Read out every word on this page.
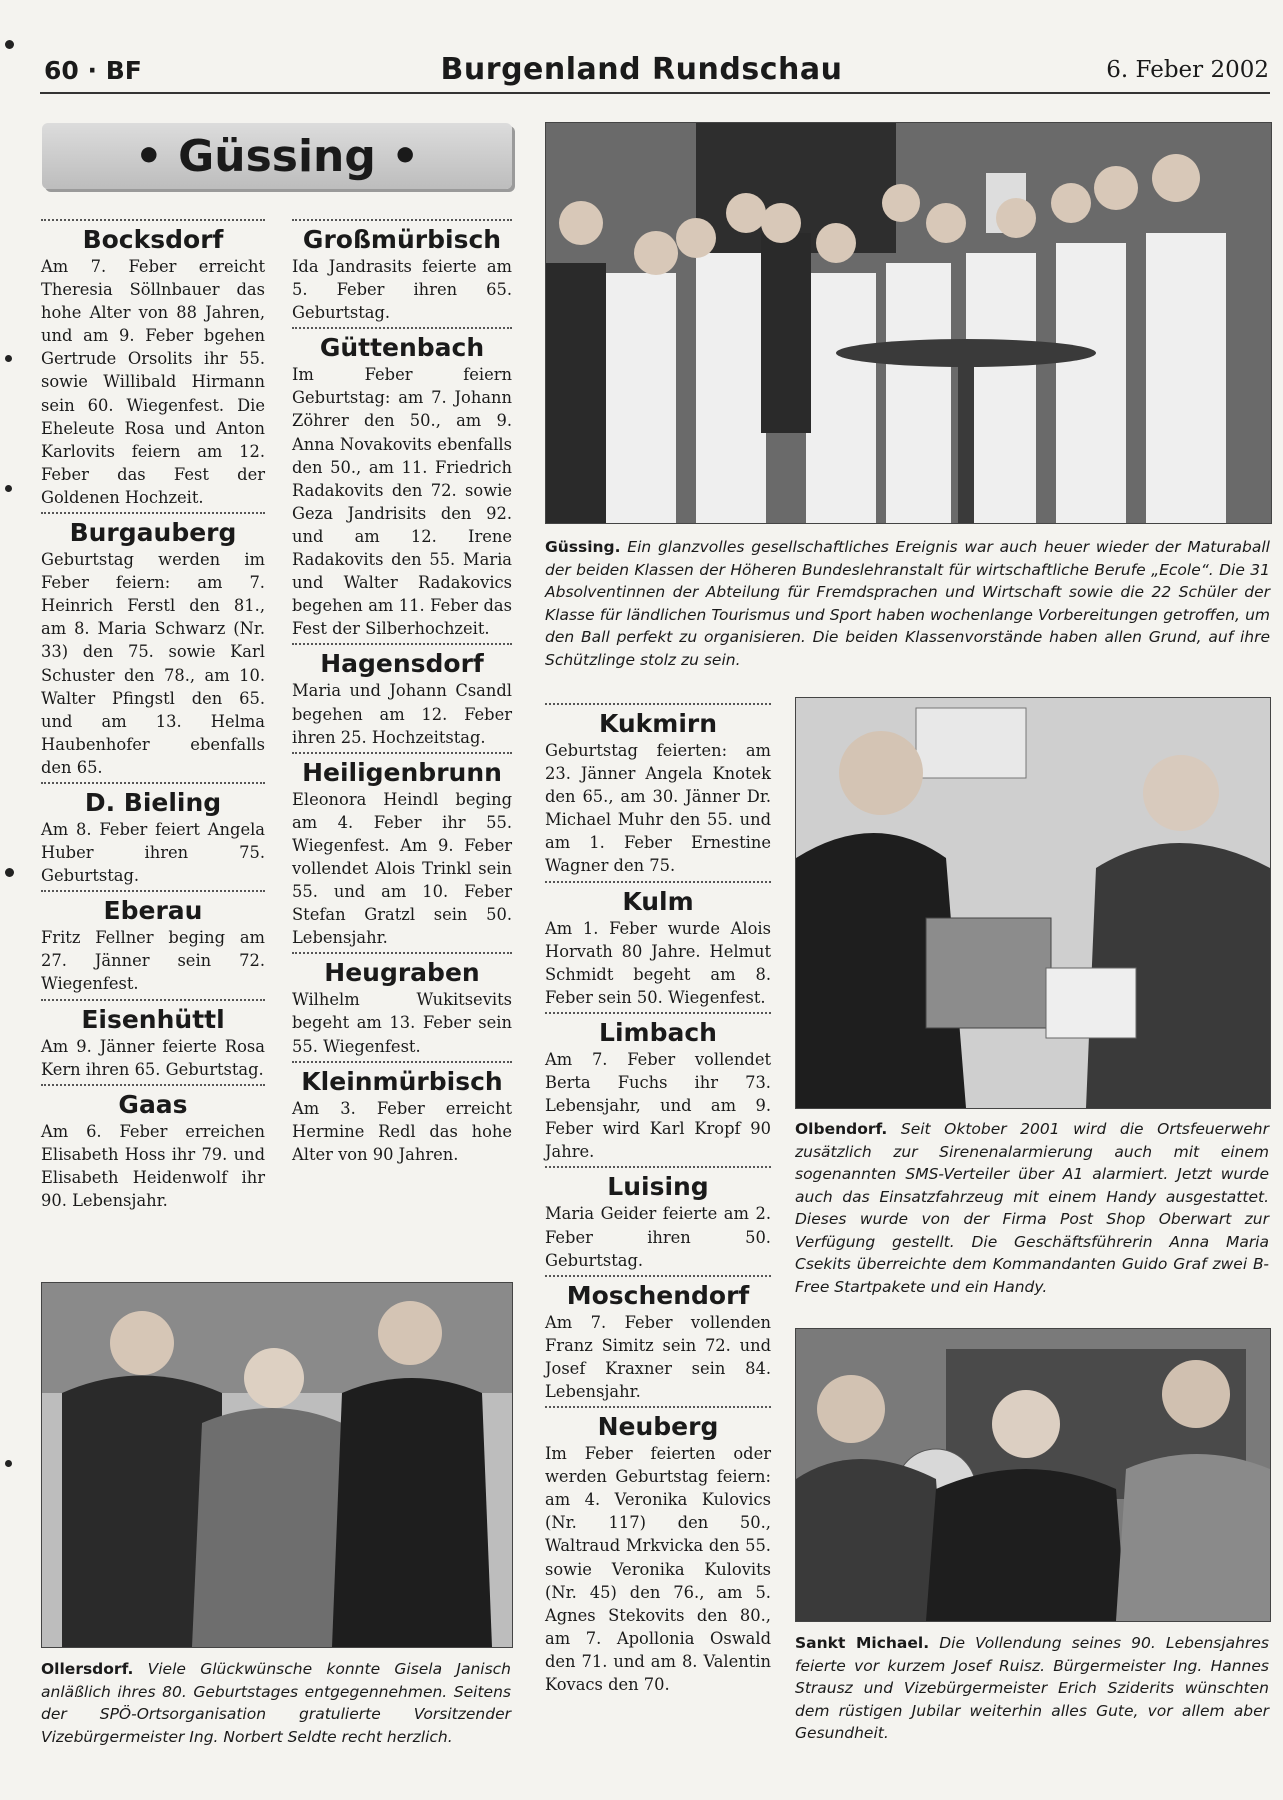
60 · BF	Burgenland Rundschau	6. Feber 2002
• Güssing •
Bocksdorf
Am 7. Feber erreicht Theresia Söllnbauer das hohe Alter von 88 Jahren, und am 9. Feber bgehen Gertrude Orsolits ihr 55. sowie Willibald Hirmann sein 60. Wiegenfest. Die Eheleute Rosa und Anton Karlovits feiern am 12. Feber das Fest der Goldenen Hochzeit.
Burgauberg
Geburtstag werden im Feber feiern: am 7. Heinrich Ferstl den 81., am 8. Maria Schwarz (Nr. 33) den 75. sowie Karl Schuster den 78., am 10. Walter Pfingstl den 65. und am 13. Helma Haubenhofer ebenfalls den 65.
D. Bieling
Am 8. Feber feiert Angela Huber ihren 75. Geburtstag.
Eberau
Fritz Fellner beging am 27. Jänner sein 72. Wiegenfest.
Eisenhüttl
Am 9. Jänner feierte Rosa Kern ihren 65. Geburtstag.
Gaas
Am 6. Feber erreichen Elisabeth Hoss ihr 79. und Elisabeth Heidenwolf ihr 90. Lebensjahr.
Großmürbisch
Ida Jandrasits feierte am 5. Feber ihren 65. Geburtstag.
Güttenbach
Im Feber feiern Geburtstag: am 7. Johann Zöhrer den 50., am 9. Anna Novakovits ebenfalls den 50., am 11. Friedrich Radakovits den 72. sowie Geza Jandrisits den 92. und am 12. Irene Radakovits den 55. Maria und Walter Radakovics begehen am 11. Feber das Fest der Silberhochzeit.
Hagensdorf
Maria und Johann Csandl begehen am 12. Feber ihren 25. Hochzeitstag.
Heiligenbrunn
Eleonora Heindl beging am 4. Feber ihr 55. Wiegenfest. Am 9. Feber vollendet Alois Trinkl sein 55. und am 10. Feber Stefan Gratzl sein 50. Lebensjahr.
Heugraben
Wilhelm Wukitsevits begeht am 13. Feber sein 55. Wiegenfest.
Kleinmürbisch
Am 3. Feber erreicht Hermine Redl das hohe Alter von 90 Jahren.
Kukmirn
Geburtstag feierten: am 23. Jänner Angela Knotek den 65., am 30. Jänner Dr. Michael Muhr den 55. und am 1. Feber Ernestine Wagner den 75.
Kulm
Am 1. Feber wurde Alois Horvath 80 Jahre. Helmut Schmidt begeht am 8. Feber sein 50. Wiegenfest.
Limbach
Am 7. Feber vollendet Berta Fuchs ihr 73. Lebensjahr, und am 9. Feber wird Karl Kropf 90 Jahre.
Luising
Maria Geider feierte am 2. Feber ihren 50. Geburtstag.
Moschendorf
Am 7. Feber vollenden Franz Simitz sein 72. und Josef Kraxner sein 84. Lebensjahr.
Neuberg
Im Feber feierten oder werden Geburtstag feiern: am 4. Veronika Kulovics (Nr. 117) den 50., Waltraud Mrkvicka den 55. sowie Veronika Kulovits (Nr. 45) den 76., am 5. Agnes Stekovits den 80., am 7. Apollonia Oswald den 71. und am 8. Valentin Kovacs den 70.
Güssing. Ein glanzvolles gesellschaftliches Ereignis war auch heuer wieder der Maturaball der beiden Klassen der Höheren Bundeslehranstalt für wirtschaftliche Berufe „Ecole“. Die 31 Absolventinnen der Abteilung für Fremdsprachen und Wirtschaft sowie die 22 Schüler der Klasse für ländlichen Tourismus und Sport haben wochenlange Vorbereitungen getroffen, um den Ball perfekt zu organisieren. Die beiden Klassenvorstände haben allen Grund, auf ihre Schützlinge stolz zu sein.
Olbendorf. Seit Oktober 2001 wird die Ortsfeuerwehr zusätzlich zur Sirenenalarmierung auch mit einem sogenannten SMS-Verteiler über A1 alarmiert. Jetzt wurde auch das Einsatzfahrzeug mit einem Handy ausgestattet. Dieses wurde von der Firma Post Shop Oberwart zur Verfügung gestellt. Die Geschäftsführerin Anna Maria Csekits überreichte dem Kommandanten Guido Graf zwei B-Free Startpakete und ein Handy.
Ollersdorf. Viele Glückwünsche konnte Gisela Janisch anläßlich ihres 80. Geburtstages entgegennehmen. Seitens der SPÖ-Ortsorganisation gratulierte Vorsitzender Vizebürgermeister Ing. Norbert Seldte recht herzlich.
Sankt Michael. Die Vollendung seines 90. Lebensjahres feierte vor kurzem Josef Ruisz. Bürgermeister Ing. Hannes Strausz und Vizebürgermeister Erich Sziderits wünschten dem rüstigen Jubilar weiterhin alles Gute, vor allem aber Gesundheit.
